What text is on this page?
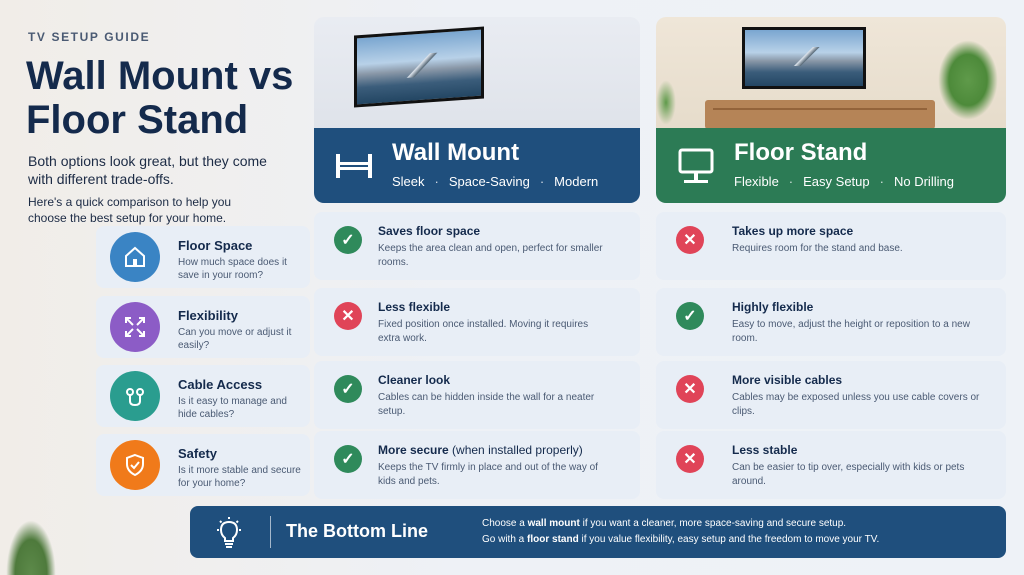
TV SETUP GUIDE
Wall Mount vs
Floor Stand
Both options look great, but they come with different trade-offs.
Here's a quick comparison to help you choose the best setup for your home.
Wall Mount
Sleek · Space-Saving · Modern
Floor Stand
Flexible · Easy Setup · No Drilling
Floor Space
How much space does it save in your room?
Flexibility
Can you move or adjust it easily?
Cable Access
Is it easy to manage and hide cables?
Safety
Is it more stable and secure for your home?
✓
Saves floor space
Keeps the area clean and open, perfect for smaller rooms.
✕
Less flexible
Fixed position once installed. Moving it requires extra work.
✓
Cleaner look
Cables can be hidden inside the wall for a neater setup.
✓
More secure (when installed properly)
Keeps the TV firmly in place and out of the way of kids and pets.
✕
Takes up more space
Requires room for the stand and base.
✓
Highly flexible
Easy to move, adjust the height or reposition to a new room.
✕
More visible cables
Cables may be exposed unless you use cable covers or clips.
✕
Less stable
Can be easier to tip over, especially with kids or pets around.
The Bottom Line	Choose a wall mount if you want a cleaner, more space-saving and secure setup.
Go with a floor stand if you value flexibility, easy setup and the freedom to move your TV.
